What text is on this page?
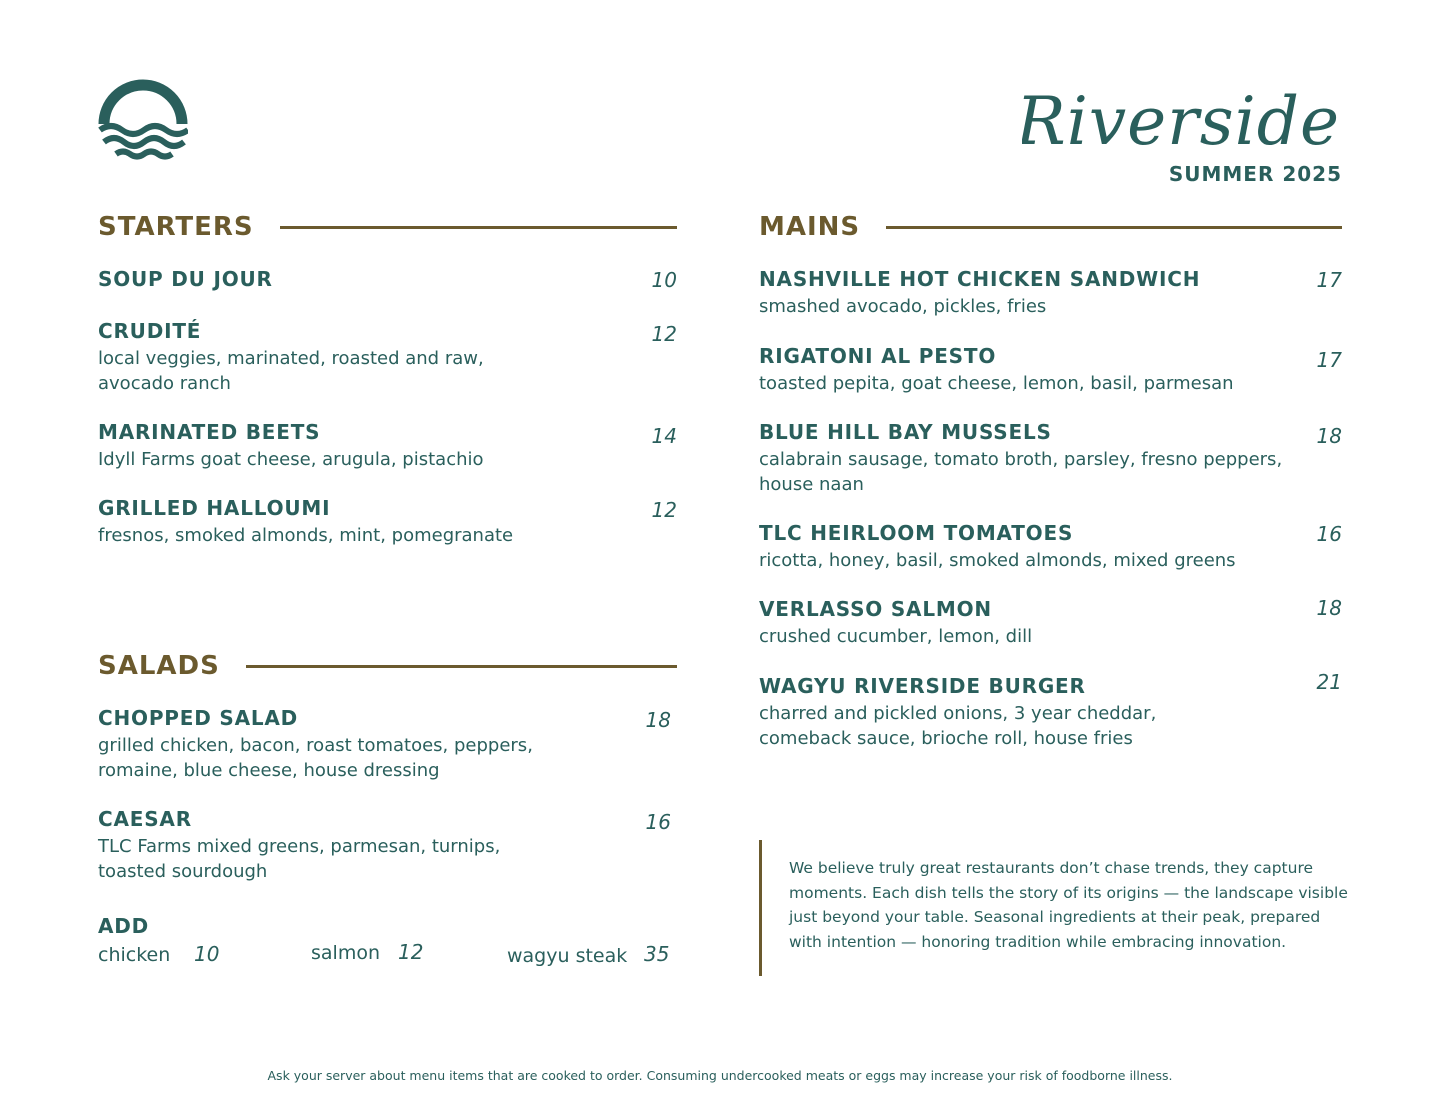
Riverside
SUMMER 2025
STARTERS
SOUP DU JOUR	10
CRUDITÉ
local veggies, marinated, roasted and raw, avocado ranch
12
MARINATED BEETS
Idyll Farms goat cheese, arugula, pistachio
14
GRILLED HALLOUMI
fresnos, smoked almonds, mint, pomegranate
12
SALADS
CHOPPED SALAD
grilled chicken, bacon, roast tomatoes, peppers, romaine, blue cheese, house dressing
18
CAESAR
TLC Farms mixed greens, parmesan, turnips, toasted sourdough
16
ADD
chicken 10	salmon 12	wagyu steak 35
MAINS
NASHVILLE HOT CHICKEN SANDWICH
smashed avocado, pickles, fries
17
RIGATONI AL PESTO
toasted pepita, goat cheese, lemon, basil, parmesan
17
BLUE HILL BAY MUSSELS
calabrain sausage, tomato broth, parsley, fresno peppers, house naan
18
TLC HEIRLOOM TOMATOES
ricotta, honey, basil, smoked almonds, mixed greens
16
VERLASSO SALMON
crushed cucumber, lemon, dill
18
WAGYU RIVERSIDE BURGER
charred and pickled onions, 3 year cheddar, comeback sauce, brioche roll, house fries
21
We believe truly great restaurants don’t chase trends, they capture moments. Each dish tells the story of its origins — the landscape visible just beyond your table. Seasonal ingredients at their peak, prepared with intention — honoring tradition while embracing innovation.
Ask your server about menu items that are cooked to order. Consuming undercooked meats or eggs may increase your risk of foodborne illness.
